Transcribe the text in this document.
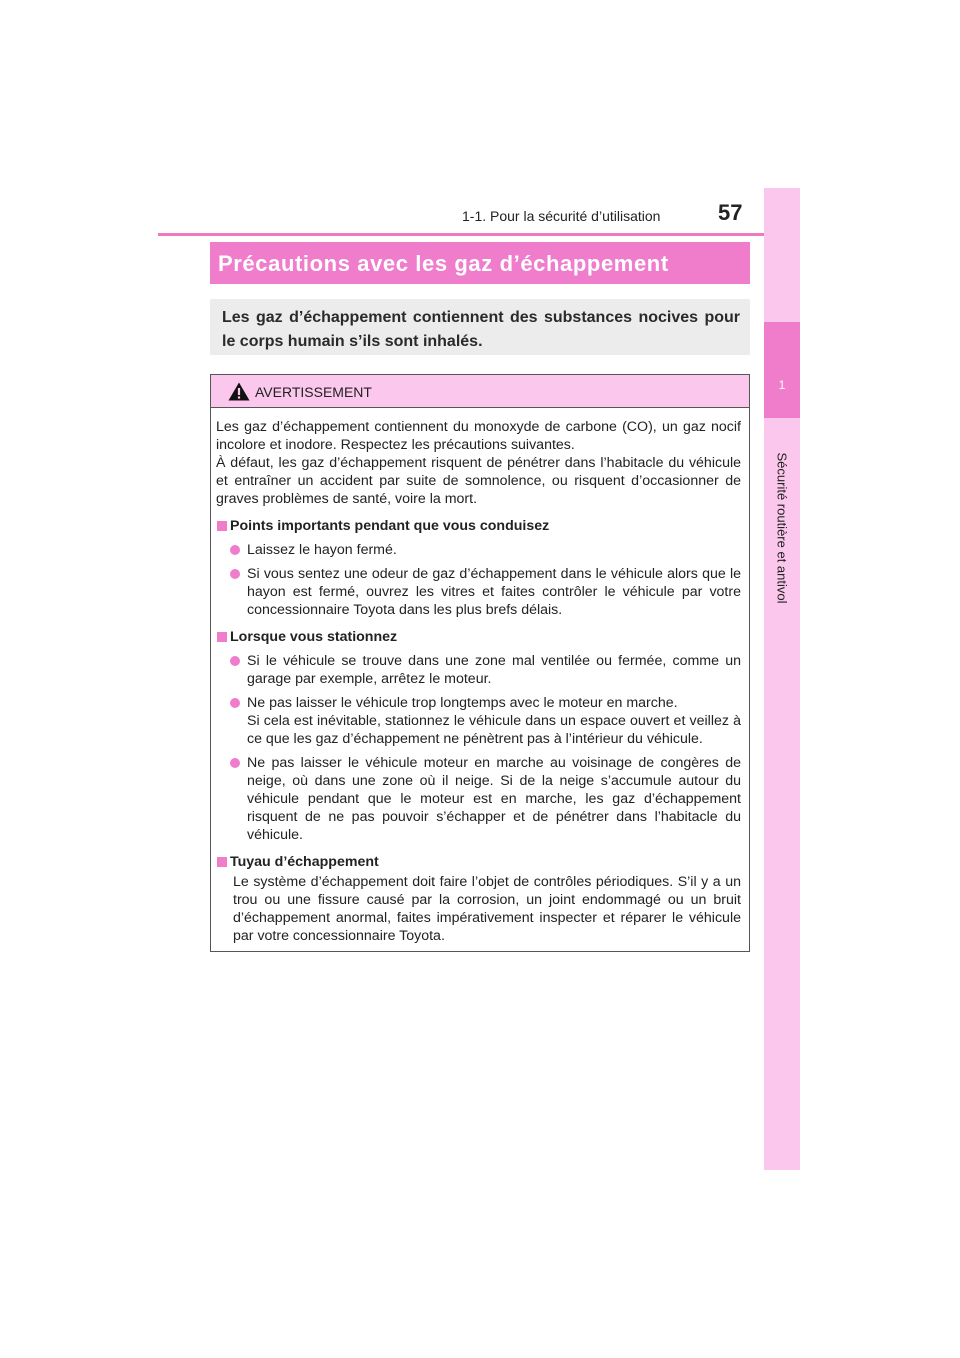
1-1. Pour la sécurité d’utilisation	57
1
Sécurité routière et antivol
Précautions avec les gaz d’échappement
Les gaz d’échappement contiennent des substances nocives pour le corps humain s’ils sont inhalés.
AVERTISSEMENT

Les gaz d’échappement contiennent du monoxyde de carbone (CO), un gaz nocif incolore et inodore. Respectez les précautions suivantes.

À défaut, les gaz d’échappement risquent de pénétrer dans l’habitacle du véhicule et entraîner un accident par suite de somnolence, ou risquent d’occasionner de graves problèmes de santé, voire la mort.

Points importants pendant que vous conduisez

Laissez le hayon fermé.
Si vous sentez une odeur de gaz d’échappement dans le véhicule alors que le hayon est fermé, ouvrez les vitres et faites contrôler le véhicule par votre concessionnaire Toyota dans les plus brefs délais.

Lorsque vous stationnez

Si le véhicule se trouve dans une zone mal ventilée ou fermée, comme un garage par exemple, arrêtez le moteur.
Ne pas laisser le véhicule trop longtemps avec le moteur en marche.
Si cela est inévitable, stationnez le véhicule dans un espace ouvert et veillez à ce que les gaz d’échappement ne pénètrent pas à l’intérieur du véhicule.
Ne pas laisser le véhicule moteur en marche au voisinage de congères de neige, où dans une zone où il neige. Si de la neige s’accumule autour du véhicule pendant que le moteur est en marche, les gaz d’échappement risquent de ne pas pouvoir s’échapper et de pénétrer dans l’habitacle du véhicule.

Tuyau d’échappement

Le système d’échappement doit faire l’objet de contrôles périodiques. S’il y a un trou ou une fissure causé par la corrosion, un joint endommagé ou un bruit d’échappement anormal, faites impérativement inspecter et réparer le véhicule par votre concessionnaire Toyota.
